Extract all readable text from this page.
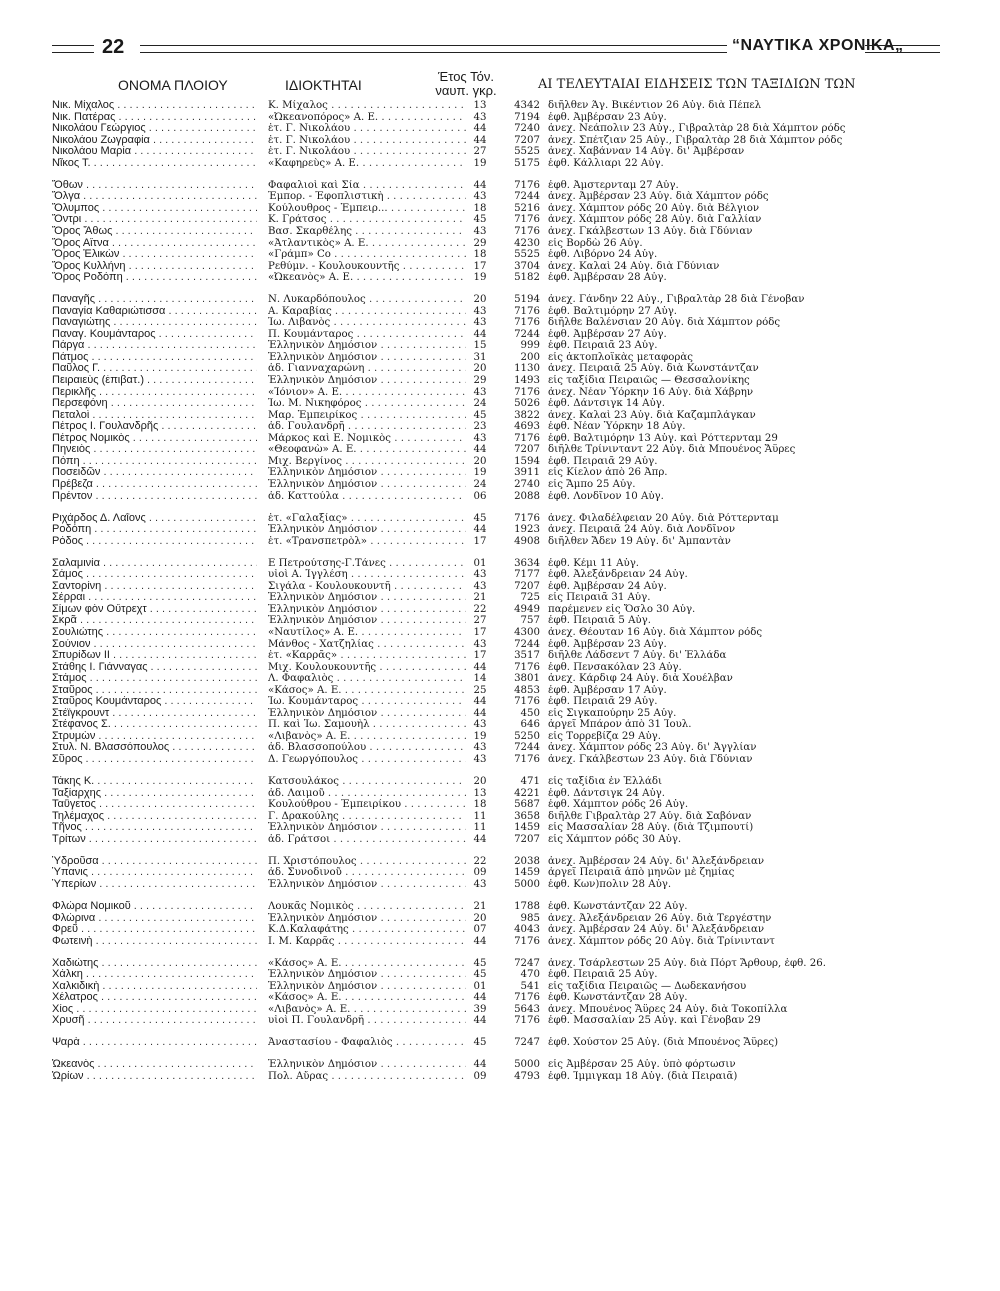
22	“ΝΑΥΤΙΚΑ ΧΡΟΝΙΚΑ„
ΟΝΟΜΑ ΠΛΟΙΟΥ	ΙΔΙΟΚΤΗΤΑΙ
Έτος Τόν.
ναυπ. γκρ.	ΑΙ ΤΕΛΕΥΤΑΙΑΙ ΕΙΔΗΣΕΙΣ ΤΩΝ ΤΑΞΙΔΙΩΝ ΤΩΝ
Νικ. Μίχαλος . . .	Κ. Μίχαλος . . .	13	4342 διῆλθεν Άγ. Βικέντιον 26 Αὐγ. διὰ Πέπελ
Νικ. Πατέρας . . .	«Ὠκεανοπόρος» Α. Ε. . . .	43	7194 ἐφθ. Ἀμβέρσαν 23 Αὐγ.
Νικολάου Γεώργιος . . .	ἑτ. Γ. Νικολάου . . .	44	7240 ἀνεχ. Νεάπολιν 23 Αὐγ., Γιβραλτὰρ 28 διὰ Χάμπτον ρόδς
Νικολάου Ζωγραφία . . .	ἑτ. Γ. Νικολάου . . .	44	7207 ἀνεχ. Σπέτζιαν 25 Αὐγ., Γιβραλτὰρ 28 διὰ Χάμπτον ρόδς
Νικολάου Μαρία . . .	ἑτ. Γ. Νικολάου . . .	27	5525 ἀνεχ. Χαβάνναν 14 Αὐγ. δι' Ἀμβέρσαν
Νῖκος Τ. . . .	«Καφηρεὺς» Α. Ε. . . .	19	5175 ἐφθ. Κάλλιαρι 22 Αὐγ.
Ὄθων . . .	Φαφαλιοὶ καὶ Σία . . .	44	7176 ἐφθ. Ἀμστερνταμ 27 Αὐγ.
Ὄλγα . . .	Ἐμπορ. - Ἐφοπλιστικὴ . . .	43	7244 ἀνεχ. Ἀμβέρσαν 23 Αὐγ. διὰ Χάμπτον ρόδς
Ὄλυμπος . . .	Κούλουθρος - Ἐμπειρ... . . .	18	5216 ἀνεχ. Χάμπτον ρόδς 20 Αὐγ. διὰ Βέλγιον
Ὄντρι . . .	Κ. Γράτσος . . .	45	7176 ἀνεχ. Χάμπτον ρόδς 28 Αὐγ. διὰ Γαλλίαν
Ὄρος Ἄθως . . .	Βασ. Σκαρθέλης . . .	43	7176 ἀνεχ. Γκάλβεστων 13 Αὐγ. διὰ Γδύνιαν
Ὄρος Αἴτνα . . .	«Ἀτλαντικὸς» Α. Ε. . . .	29	4230 εἰς Βορδὼ 26 Αὐγ.
Ὄρος Ἑλικὼν . . .	«Γράμπ» Co . . .	18	5525 ἐφθ. Λιβόρνο 24 Αὐγ.
Ὄρος Κυλλήνη . . .	Ρεθύμν. - Κουλουκουντῆς . . .	17	3704 ἀνεχ. Καλαὶ 24 Αὐγ. διὰ Γδύνιαν
Ὄρος Ροδόπη . . .	«Ὠκεανὸς» Α. Ε. . . .	19	5182 ἐφθ. Ἀμβέρσαν 28 Αὐγ.
Παναγῆς . . .	Ν. Λυκαρδόπουλος . . .	20	5194 ἀνεχ. Γάνδην 22 Αὐγ., Γιβραλτὰρ 28 διὰ Γένοβαν
Παναγία Καθαριώτισσα . . .	Α. Καραβίας . . .	43	7176 ἐφθ. Βαλτιμόρην 27 Αὐγ.
Παναγιώτης . . .	Ἰω. Λιβανὸς . . .	43	7176 διῆλθε Βαλένσιαν 20 Αὐγ. διὰ Χάμπτον ρόδς
Παναγ. Κουμάνταρος . . .	Π. Κουμάνταρος . . .	44	7244 ἐφθ. Ἀμβέρσαν 27 Αὐγ.
Πάργα . . .	Ἑλληνικὸν Δημόσιον . . .	15	999 ἐφθ. Πειραιᾶ 23 Αὐγ.
Πάτμος . . .	Ἑλληνικὸν Δημόσιον . . .	31	200 εἰς ἀκτοπλοϊκὰς μεταφορὰς
Παῦλος Γ. . . .	ἀδ. Γιανναχαρώνη . . .	20	1130 ἀνεχ. Πειραιᾶ 25 Αὐγ. διὰ Κωνστάντζαν
Πειραιεὺς (ἐπιβατ.) . . .	Ἑλληνικὸν Δημόσιον . . .	29	1493 εἰς ταξίδια Πειραιῶς — Θεσσαλονίκης
Περικλῆς . . .	«Ἰόνιον» Α. Ε. . . .	43	7176 ἀνεχ. Νέαν Ὑόρκην 16 Αὐγ. διὰ Χάβρην
Περσεφόνη . . .	Ἰω. Μ. Νικηφόρος . . .	24	5026 ἐφθ. Δάντσιγκ 14 Αὐγ.
Πεταλοὶ . . .	Μαρ. Ἐμπειρίκος . . .	45	3822 ἀνεχ. Καλαὶ 23 Αὐγ. διὰ Καζαμπλάγκαν
Πέτρος Ι. Γουλανδρῆς . . .	ἀδ. Γουλανδρῆ . . .	23	4693 ἐφθ. Νέαν Ὑόρκην 18 Αὐγ.
Πέτρος Νομικὸς . . .	Μάρκος καὶ Ε. Νομικὸς . . .	43	7176 ἐφθ. Βαλτιμόρην 13 Αὐγ. καὶ Ρόττερνταμ 29
Πηνειὸς . . .	«Θεοφανὼ» Α. Ε. . . .	44	7207 διῆλθε Τρίνινταντ 22 Αὐγ. διὰ Μπουένος Ἄϋρες
Πόπη . . .	Μιχ. Βεργίνος . . .	20	1594 ἐφθ. Πειραιᾶ 29 Αὐγ.
Ποσειδῶν . . .	Ἑλληνικὸν Δημόσιον . . .	19	3911 εἰς Κίελον ἀπὸ 26 Ἀπρ.
Πρέβεζα . . .	Ἑλληνικὸν Δημόσιον . . .	24	2740 εἰς Ἄμπο 25 Αὐγ.
Πρέντον . . .	ἀδ. Καττούλα . . .	06	2088 ἐφθ. Λονδῖνον 10 Αὐγ.
Ριχάρδος Δ. Λαΐονς . . .	ἑτ. «Γαλαξίας» . . .	45	7176 ἀνεχ. Φιλαδέλφειαν 20 Αὐγ. διὰ Ρόττερνταμ
Ροδόπη . . .	Ἑλληνικὸν Δημόσιον . . .	44	1923 ἀνεχ. Πειραιᾶ 24 Αὐγ. διὰ Λονδῖνον
Ρόδος . . .	ἑτ. «Τρανσπετρὸλ» . . .	17	4908 διῆλθεν Ἄδεν 19 Αὐγ. δι' Ἀμπαντὰν
Σαλαμινία . . .	Ε Πετρούτσης-Γ.Τάνες . . .	01	3634 ἐφθ. Κέμι 11 Αὐγ.
Σάμος . . .	υἱοὶ Α. Ἰγγλέση . . .	43	7177 ἐφθ. Ἀλεξάνδρειαν 24 Αὐγ.
Σαντορίνη . . .	Σιγάλα - Κουλουκουντῆ . . .	43	7207 ἐφθ. Ἀμβέρσαν 24 Αὐγ.
Σέρραι . . .	Ἑλληνικὸν Δημόσιον . . .	21	725 εἰς Πειραιᾶ 31 Αὐγ.
Σίμων φὸν Οὔτρεχτ . . .	Ἑλληνικὸν Δημόσιον . . .	22	4949 παρέμενεν εἰς Ὄσλο 30 Αὐγ.
Σκρᾶ . . .	Ἑλληνικὸν Δημόσιον . . .	27	757 ἐφθ. Πειραιᾶ 5 Αὐγ.
Σουλιώτης . . .	«Ναυτίλος» Α. Ε. . . .	17	4300 ἀνεχ. Θέουταν 16 Αὐγ. διὰ Χάμπτον ρόδς
Σούνιον . . .	Μάνθος - Χατζηλίας . . .	43	7244 ἐφθ. Ἀμβέρσαν 23 Αὐγ.
Σπυρίδων ΙΙ . . .	ἑτ. «Καρρᾶς» . . .	17	3517 διῆλθε Λάδσεντ 7 Αὐγ. δι' Ἑλλάδα
Στάθης Ι. Γιάνναγας . . .	Μιχ. Κουλουκουντῆς . . .	44	7176 ἐφθ. Πενσακόλαν 23 Αὐγ.
Στάμος . . .	Λ. Φαφαλιὸς . . .	14	3801 ἀνεχ. Κάρδιφ 24 Αὐγ. διὰ Χουέλβαν
Σταῦρος . . .	«Κάσος» Α. Ε. . . .	25	4853 ἐφθ. Ἀμβέρσαν 17 Αὐγ.
Σταῦρος Κουμάνταρος . . .	Ἰω. Κουμάνταρος . . .	44	7176 ἐφθ. Πειραιᾶ 29 Αὐγ.
Στέϊγκρουντ . . .	Ἑλληνικὸν Δημόσιον . . .	44	450 εἰς Σιγκαπούρην 25 Αὐγ.
Στέφανος Σ. . . .	Π. καὶ Ἰω. Σαμουὴλ . . .	43	646 ἀργεῖ Μπάρον ἀπὸ 31 Ἰουλ.
Στρυμὼν . . .	«Λιβανὸς» Α. Ε. . . .	19	5250 εἰς Τορρεβίζα 29 Αὐγ.
Στυλ. Ν. Βλασσόπουλος . . .	ἀδ. Βλασσοπούλου . . .	43	7244 ἀνεχ. Χάμπτον ρόδς 23 Αὐγ. δι' Ἀγγλίαν
Σῦρος . . .	Δ. Γεωργόπουλος . . .	43	7176 ἀνεχ. Γκάλβεστων 23 Αὐγ. διὰ Γδύνιαν
Τάκης Κ. . . .	Κατσουλάκος . . .	20	471 εἰς ταξίδια ἐν Ἑλλάδι
Ταξίαρχης . . .	ἀδ. Λαιμοῦ . . .	13	4221 ἐφθ. Δάντσιγκ 24 Αὐγ.
Ταΰγετος . . .	Κουλούθρου - Ἐμπειρίκου . . .	18	5687 ἐφθ. Χάμπτον ρόδς 26 Αὐγ.
Τηλέμαχος . . .	Γ. Δρακούλης . . .	11	3658 διῆλθε Γιβραλτὰρ 27 Αὐγ. διὰ Σαβόναν
Τῆνος . . .	Ἑλληνικὸν Δημόσιον . . .	11	1459 εἰς Μασσαλίαν 28 Αὐγ. (διὰ Τζιμπουτί)
Τρίτων . . .	ἀδ. Γράτσοι . . .	44	7207 εἰς Χάμπτον ρόδς 30 Αὐγ.
Ὑδροῦσα . . .	Π. Χριστόπουλος . . .	22	2038 ἀνεχ. Ἀμβέρσαν 24 Αὐγ. δι' Ἀλεξάνδρειαν
Ὑπανις . . .	ἀδ. Συνοδινοῦ . . .	09	1459 ἀργεῖ Πειραιᾶ ἀπὸ μηνῶν μὲ ζημίας
Ὑπερίων . . .	Ἑλληνικὸν Δημόσιον . . .	43	5000 ἐφθ. Κων)πολιν 28 Αὐγ.
Φλώρα Νομικοῦ . . .	Λουκᾶς Νομικὸς . . .	21	1788 ἐφθ. Κωνστάντζαν 22 Αὐγ.
Φλώρινα . . .	Ἑλληνικὸν Δημόσιον . . .	20	985 ἀνεχ. Ἀλεξάνδρειαν 26 Αὐγ. διὰ Τεργέστην
Φρεῦ . . .	Κ.Δ.Καλαφάτης . . .	07	4043 ἀνεχ. Ἀμβέρσαν 24 Αὐγ. δι' Ἀλεξάνδρειαν
Φωτεινὴ . . .	Ι. Μ. Καρρᾶς . . .	44	7176 ἀνεχ. Χάμπτον ρόδς 20 Αὐγ. διὰ Τρίνινταντ
Χαδιώτης . . .	«Κάσος» Α. Ε. . . .	45	7247 ἀνεχ. Τσάρλεστων 25 Αὐγ. διὰ Πόρτ Ἄρθουρ, ἐφθ. 26.
Χάλκη . . .	Ἑλληνικὸν Δημόσιον . . .	45	470 ἐφθ. Πειραιᾶ 25 Αὐγ.
Χαλκιδικὴ . . .	Ἑλληνικὸν Δημόσιον . . .	01	541 εἰς ταξίδια Πειραιῶς — Δωδεκανήσου
Χέλατρος . . .	«Κάσος» Α. Ε. . . .	44	7176 ἐφθ. Κωνστάντζαν 28 Αὐγ.
Χίος . . .	«Λιβανὸς» Α. Ε. . . .	39	5643 ἀνεχ. Μπουένος Ἄϋρες 24 Αὐγ. διὰ Τοκοπίλλα
Χρυσῆ . . .	υἱοὶ Π. Γουλανδρῆ . . .	44	7176 ἐφθ. Μασσαλίαν 25 Αὐγ. καὶ Γένοβαν 29
Ψαρὰ . . .	Ἀναστασίου - Φαφαλιὸς . . .	45	7247 ἐφθ. Χούστον 25 Αὐγ. (διὰ Μπουένος Ἄϋρες)
Ὠκεανὸς . . .	Ἑλληνικὸν Δημόσιον . . .	44	5000 εἰς Ἀμβέρσαν 25 Αὐγ. ὑπὸ φόρτωσιν
Ὠρίων . . .	Πολ. Αὔρας . . .	09	4793 ἐφθ. Ἰμμιγκαμ 18 Αὐγ. (διὰ Πειραιᾶ)
